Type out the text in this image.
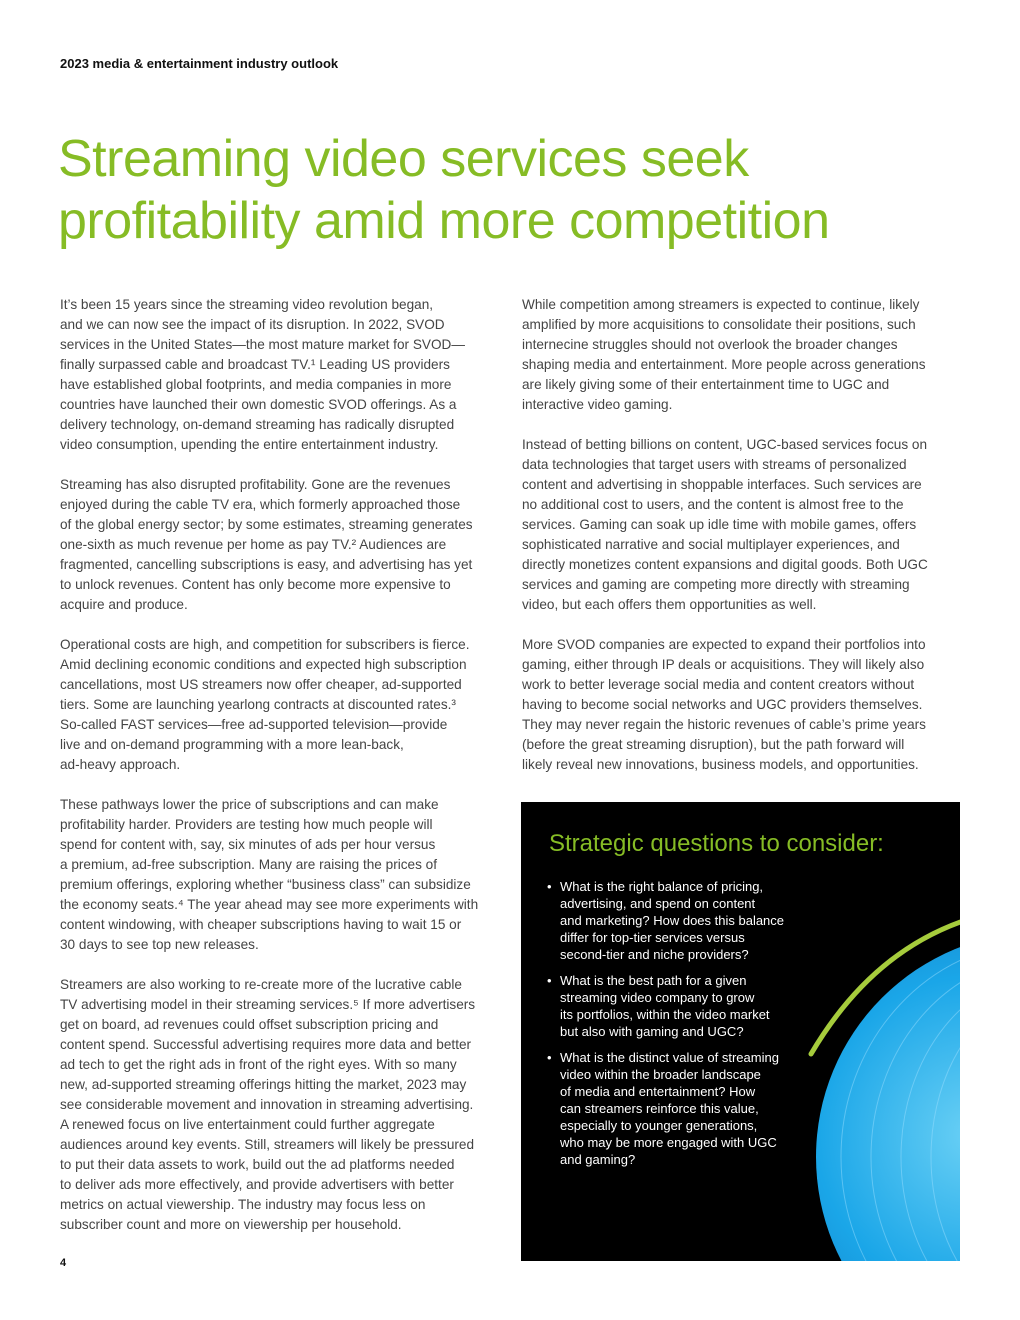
2023 media & entertainment industry outlook
Streaming video services seek
profitability amid more competition

It’s been 15 years since the streaming video revolution began,
and we can now see the impact of its disruption. In 2022, SVOD
services in the United States—the most mature market for SVOD—
finally surpassed cable and broadcast TV.¹ Leading US providers
have established global footprints, and media companies in more
countries have launched their own domestic SVOD offerings. As a
delivery technology, on-demand streaming has radically disrupted
video consumption, upending the entire entertainment industry.

Streaming has also disrupted profitability. Gone are the revenues
enjoyed during the cable TV era, which formerly approached those
of the global energy sector; by some estimates, streaming generates
one-sixth as much revenue per home as pay TV.² Audiences are
fragmented, cancelling subscriptions is easy, and advertising has yet
to unlock revenues. Content has only become more expensive to
acquire and produce.

Operational costs are high, and competition for subscribers is fierce.
Amid declining economic conditions and expected high subscription
cancellations, most US streamers now offer cheaper, ad-supported
tiers. Some are launching yearlong contracts at discounted rates.³
So-called FAST services—free ad-supported television—provide
live and on-demand programming with a more lean-back,
ad-heavy approach.

These pathways lower the price of subscriptions and can make
profitability harder. Providers are testing how much people will
spend for content with, say, six minutes of ads per hour versus
a premium, ad-free subscription. Many are raising the prices of
premium offerings, exploring whether “business class” can subsidize
the economy seats.⁴ The year ahead may see more experiments with
content windowing, with cheaper subscriptions having to wait 15 or
30 days to see top new releases.

Streamers are also working to re-create more of the lucrative cable
TV advertising model in their streaming services.⁵ If more advertisers
get on board, ad revenues could offset subscription pricing and
content spend. Successful advertising requires more data and better
ad tech to get the right ads in front of the right eyes. With so many
new, ad-supported streaming offerings hitting the market, 2023 may
see considerable movement and innovation in streaming advertising.
A renewed focus on live entertainment could further aggregate
audiences around key events. Still, streamers will likely be pressured
to put their data assets to work, build out the ad platforms needed
to deliver ads more effectively, and provide advertisers with better
metrics on actual viewership. The industry may focus less on
subscriber count and more on viewership per household.

While competition among streamers is expected to continue, likely
amplified by more acquisitions to consolidate their positions, such
internecine struggles should not overlook the broader changes
shaping media and entertainment. More people across generations
are likely giving some of their entertainment time to UGC and
interactive video gaming.

Instead of betting billions on content, UGC-based services focus on
data technologies that target users with streams of personalized
content and advertising in shoppable interfaces. Such services are
no additional cost to users, and the content is almost free to the
services. Gaming can soak up idle time with mobile games, offers
sophisticated narrative and social multiplayer experiences, and
directly monetizes content expansions and digital goods. Both UGC
services and gaming are competing more directly with streaming
video, but each offers them opportunities as well.

More SVOD companies are expected to expand their portfolios into
gaming, either through IP deals or acquisitions. They will likely also
work to better leverage social media and content creators without
having to become social networks and UGC providers themselves.
They may never regain the historic revenues of cable’s prime years
(before the great streaming disruption), but the path forward will
likely reveal new innovations, business models, and opportunities.

Strategic questions to consider:
• What is the right balance of pricing,
advertising, and spend on content
and marketing? How does this balance
differ for top-tier services versus
second-tier and niche providers?
• What is the best path for a given
streaming video company to grow
its portfolios, within the video market
but also with gaming and UGC?
• What is the distinct value of streaming
video within the broader landscape
of media and entertainment? How
can streamers reinforce this value,
especially to younger generations,
who may be more engaged with UGC
and gaming?
4
